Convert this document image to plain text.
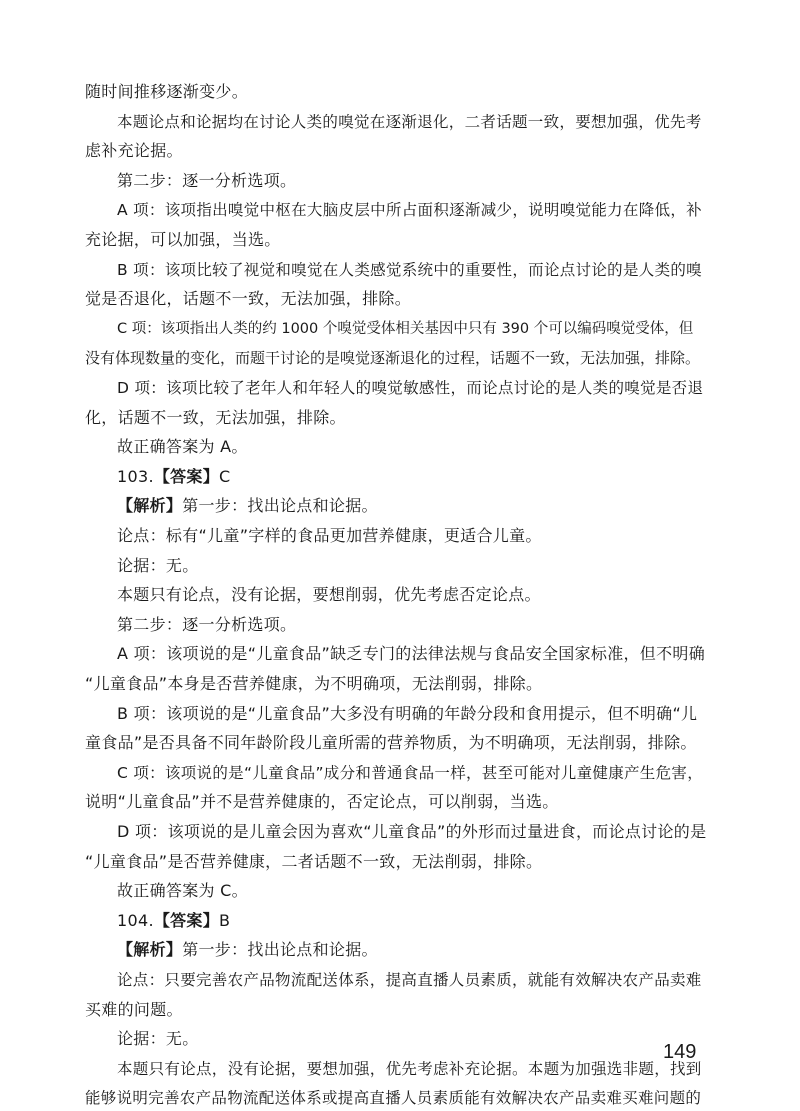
随时间推移逐渐变少。
本题论点和论据均在讨论人类的嗅觉在逐渐退化，二者话题一致，要想加强，优先考
虑补充论据。
第二步：逐一分析选项。
A 项：该项指出嗅觉中枢在大脑皮层中所占面积逐渐减少，说明嗅觉能力在降低，补
充论据，可以加强，当选。
B 项：该项比较了视觉和嗅觉在人类感觉系统中的重要性，而论点讨论的是人类的嗅
觉是否退化，话题不一致，无法加强，排除。
C 项：该项指出人类的约 1000 个嗅觉受体相关基因中只有 390 个可以编码嗅觉受体，但
没有体现数量的变化，而题干讨论的是嗅觉逐渐退化的过程，话题不一致，无法加强，排除。
D 项：该项比较了老年人和年轻人的嗅觉敏感性，而论点讨论的是人类的嗅觉是否退
化，话题不一致，无法加强，排除。
故正确答案为 A。
103.【答案】C
【解析】第一步：找出论点和论据。
论点：标有“儿童”字样的食品更加营养健康，更适合儿童。
论据：无。
本题只有论点，没有论据，要想削弱，优先考虑否定论点。
第二步：逐一分析选项。
A 项：该项说的是“儿童食品”缺乏专门的法律法规与食品安全国家标准，但不明确
“儿童食品”本身是否营养健康，为不明确项，无法削弱，排除。
B 项：该项说的是“儿童食品”大多没有明确的年龄分段和食用提示，但不明确“儿
童食品”是否具备不同年龄阶段儿童所需的营养物质，为不明确项，无法削弱，排除。
C 项：该项说的是“儿童食品”成分和普通食品一样，甚至可能对儿童健康产生危害，
说明“儿童食品”并不是营养健康的，否定论点，可以削弱，当选。
D 项：该项说的是儿童会因为喜欢“儿童食品”的外形而过量进食，而论点讨论的是
“儿童食品”是否营养健康，二者话题不一致，无法削弱，排除。
故正确答案为 C。
104.【答案】B
【解析】第一步：找出论点和论据。
论点：只要完善农产品物流配送体系，提高直播人员素质，就能有效解决农产品卖难
买难的问题。
论据：无。
本题只有论点，没有论据，要想加强，优先考虑补充论据。本题为加强选非题，找到
能够说明完善农产品物流配送体系或提高直播人员素质能有效解决农产品卖难买难问题的
149
